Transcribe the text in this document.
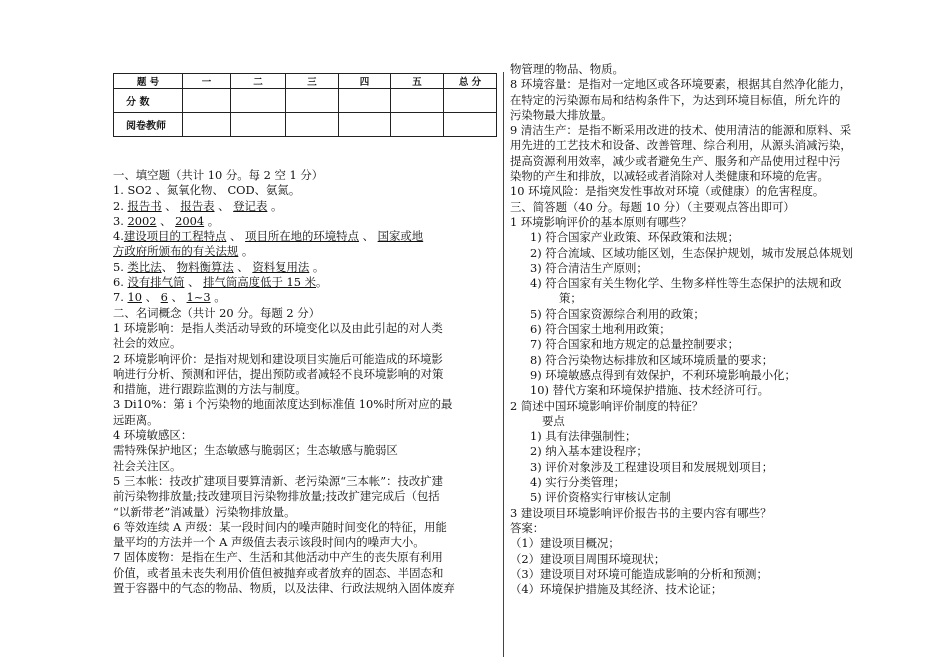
题 号	一	二	三	四	五	总 分
分 数						
阅卷教师						
一、填空题（共计 10 分。每 2 空 1 分）
1. SO2 、氮氧化物、 COD、氨氮。
2. 报告书 、 报告表 、 登记表 。
3. 2002 、 2004 。
4.建设项目的工程特点 、 项目所在地的环境特点 、 国家或地
方政府所颁布的有关法规 。
5. 类比法、 物料衡算法 、 资料复用法 。
6. 没有排气筒 、 排气筒高度低于 15 米。
7. 10 、 6 、 1~3 。
二、名词概念（共计 20 分。每题 2 分）
1 环境影响：是指人类活动导致的环境变化以及由此引起的对人类
社会的效应。
2 环境影响评价：是指对规划和建设项目实施后可能造成的环境影
响进行分析、预测和评估，提出预防或者减轻不良环境影响的对策
和措施，进行跟踪监测的方法与制度。
3 Di10%：第 i 个污染物的地面浓度达到标准值 10%时所对应的最
远距离。
4 环境敏感区：
需特殊保护地区；生态敏感与脆弱区；生态敏感与脆弱区
社会关注区。
5 三本帐：技改扩建项目要算清新、老污染源“三本帐”：技改扩建
前污染物排放量;技改建项目污染物排放量;技改扩建完成后（包括
“以新带老”消减量）污染物排放量。
6 等效连续 A 声级：某一段时间内的噪声随时间变化的特征，用能
量平均的方法并一个 A 声级值去表示该段时间内的噪声大小。
7 固体废物：是指在生产、生活和其他活动中产生的丧失原有利用
价值，或者虽未丧失利用价值但被抛弃或者放弃的固态、半固态和
置于容器中的气态的物品、物质，以及法律、行政法规纳入固体废弃
物管理的物品、物质。
8 环境容量：是指对一定地区或各环境要素，根据其自然净化能力，
在特定的污染源布局和结构条件下，为达到环境目标值，所允许的
污染物最大排放量。
9 清洁生产：是指不断采用改进的技术、使用清洁的能源和原料、采
用先进的工艺技术和设备、改善管理、综合利用，从源头消减污染，
提高资源利用效率，减少或者避免生产、服务和产品使用过程中污
染物的产生和排放，以减轻或者消除对人类健康和环境的危害。
10 环境风险：是指突发性事故对环境（或健康）的危害程度。
三、简答题（40 分。每题 10 分）（主要观点答出即可）
1 环境影响评价的基本原则有哪些？
1) 符合国家产业政策、环保政策和法规；
2) 符合流域、区域功能区划，生态保护规划，城市发展总体规划
3) 符合清洁生产原则；
4) 符合国家有关生物化学、生物多样性等生态保护的法规和政
策；
5) 符合国家资源综合利用的政策；
6) 符合国家土地利用政策；
7) 符合国家和地方规定的总量控制要求；
8) 符合污染物达标排放和区域环境质量的要求；
9) 环境敏感点得到有效保护，不利环境影响最小化；
10) 替代方案和环境保护措施、技术经济可行。
2 简述中国环境影响评价制度的特征？
要点
1) 具有法律强制性；
2) 纳入基本建设程序；
3) 评价对象涉及工程建设项目和发展规划项目；
4) 实行分类管理；
5) 评价资格实行审核认定制
3 建设项目环境影响评价报告书的主要内容有哪些？
答案：
（1）建设项目概况；
（2）建设项目周围环境现状；
（3）建设项目对环境可能造成影响的分析和预测；
（4）环境保护措施及其经济、技术论证；
